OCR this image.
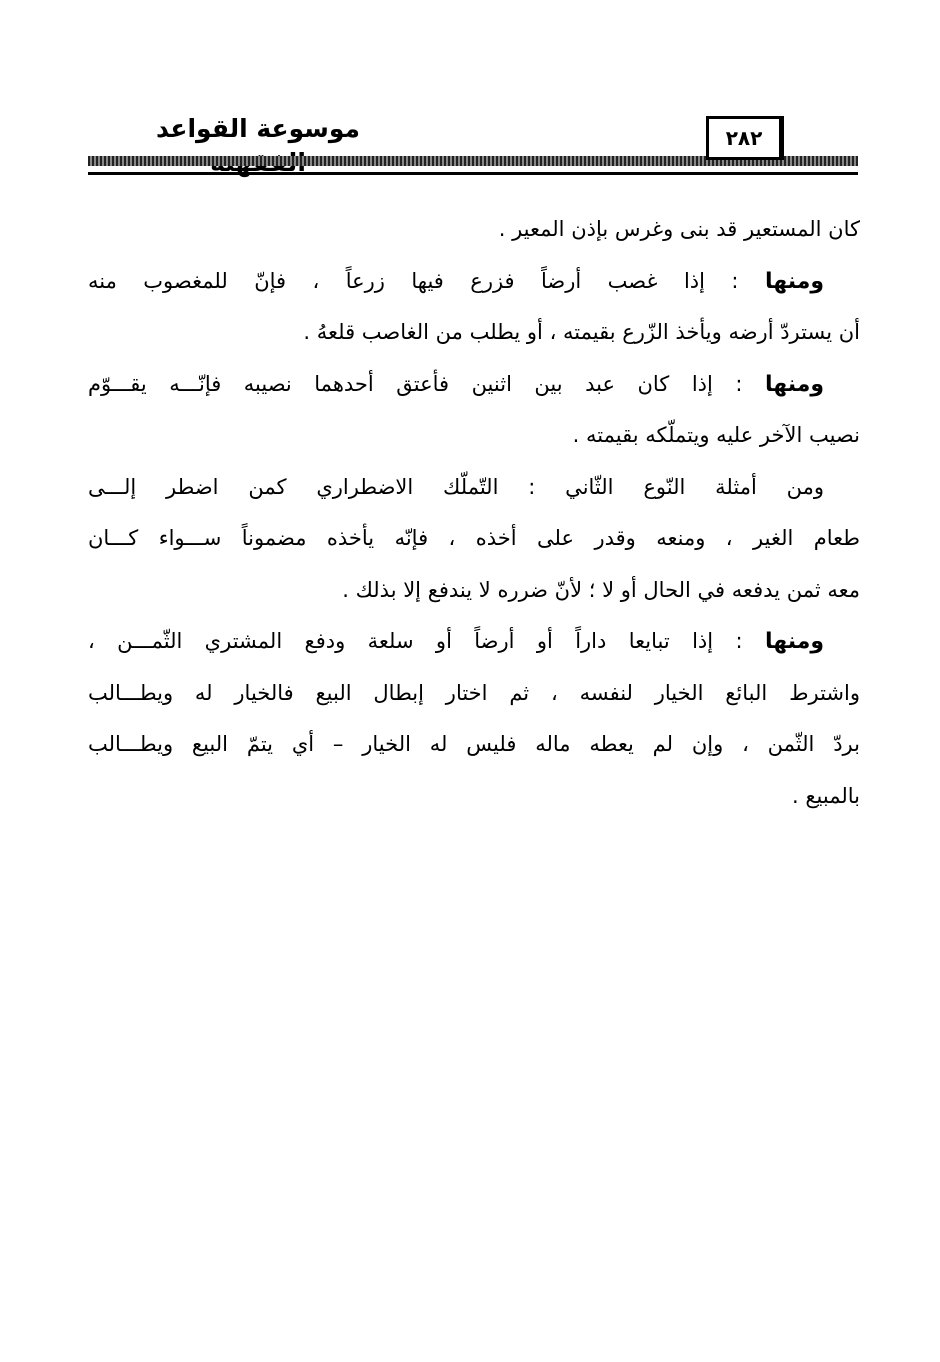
موسوعة القواعد	٢٨٢
كان المستعير قد بنى وغرس بإذن المعير .
ومنها : إذا غصب أرضاً فزرع فيها زرعاً ، فإنّ للمغصوب منه
أن يستردّ أرضه ويأخذ الزّرع بقيمته ، أو يطلب من الغاصب قلعهُ .
ومنها : إذا كان عبد بين اثنين فأعتق أحدهما نصيبه فإنّـــه يقـــوّم
نصيب الآخر عليه ويتملّكه بقيمته .
ومن أمثلة النّوع الثّاني : التّملّك الاضطراري كمن اضطر إلـــى
طعام الغير ، ومنعه وقدر على أخذه ، فإنّه يأخذه مضموناً ســـواء كـــان
معه ثمن يدفعه في الحال أو لا ؛ لأنّ ضرره لا يندفع إلا بذلك .
ومنها : إذا تبايعا داراً أو أرضاً أو سلعة ودفع المشتري الثّمـــن ،
واشترط البائع الخيار لنفسه ، ثم اختار إبطال البيع فالخيار له ويطـــالب
بردّ الثّمن ، وإن لم يعطه ماله فليس له الخيار – أي يتمّ البيع ويطـــالب
بالمبيع .
